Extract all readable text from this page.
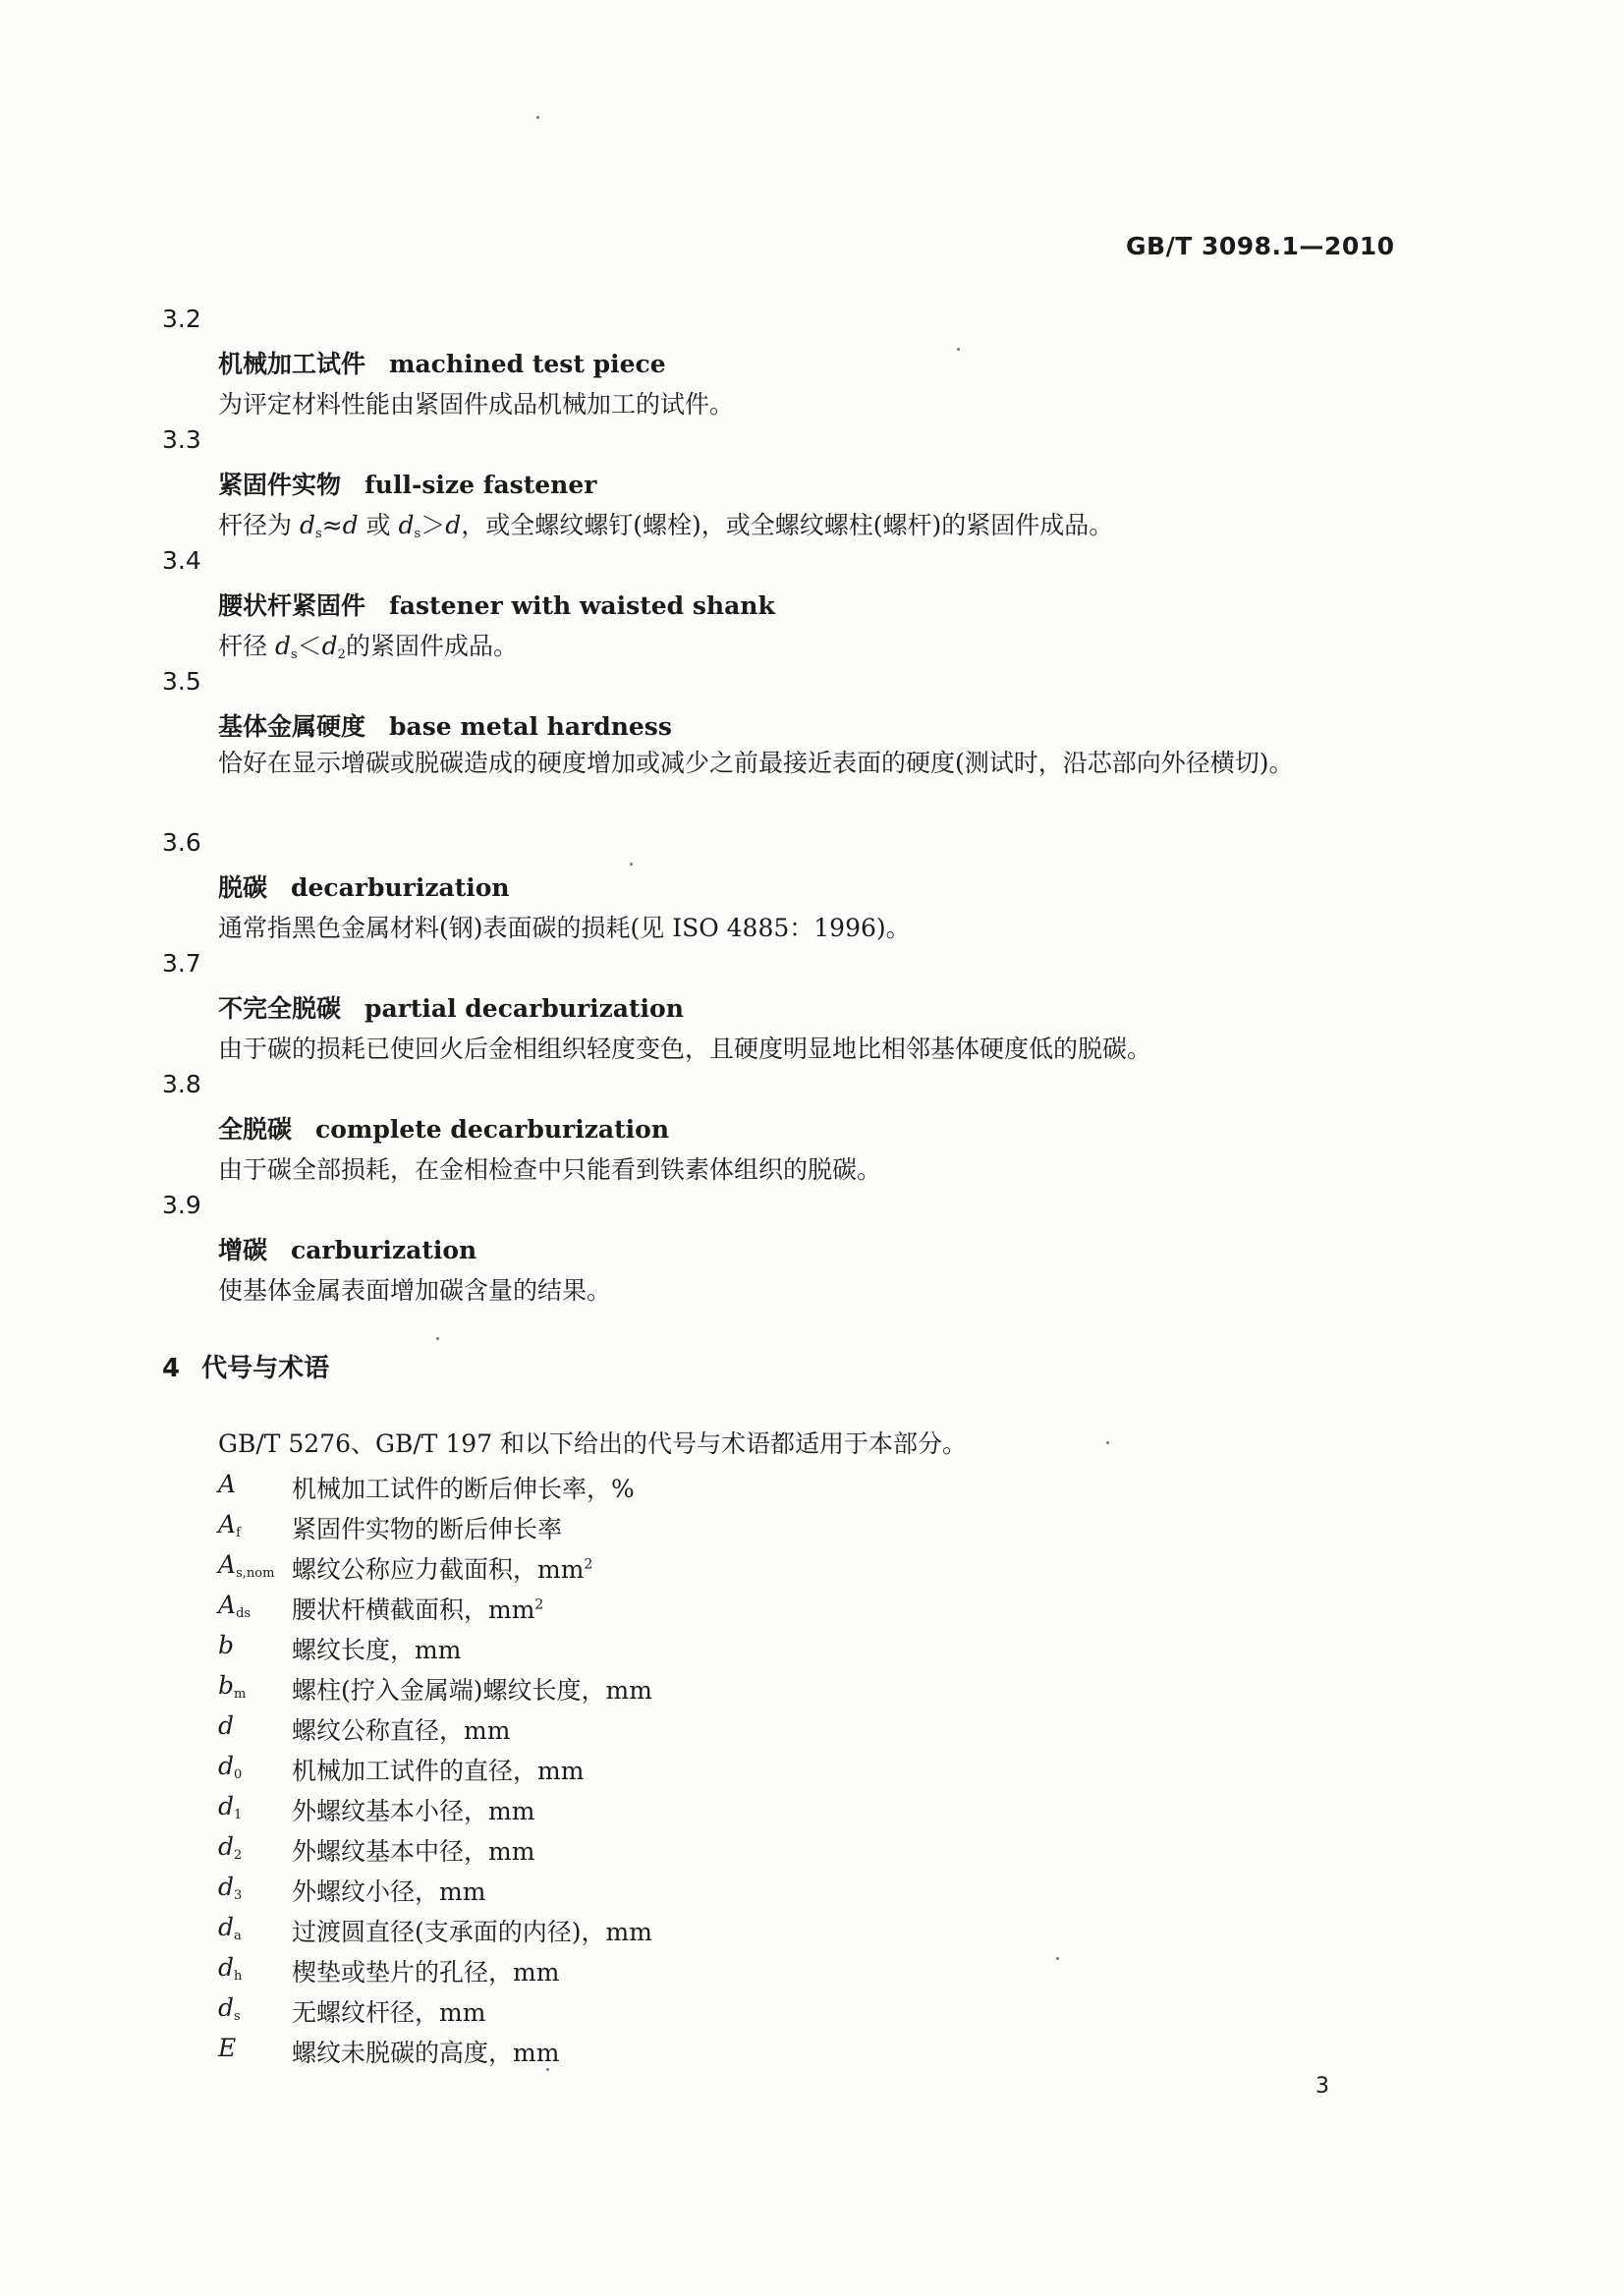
GB/T 3098.1—2010
3.2
机械加工试件 machined test piece
为评定材料性能由紧固件成品机械加工的试件。
3.3
紧固件实物 full-size fastener
杆径为 ds≈d 或 ds＞d，或全螺纹螺钉(螺栓)，或全螺纹螺柱(螺杆)的紧固件成品。
3.4
腰状杆紧固件 fastener with waisted shank
杆径 ds＜d2的紧固件成品。
3.5
基体金属硬度 base metal hardness
恰好在显示增碳或脱碳造成的硬度增加或减少之前最接近表面的硬度(测试时，沿芯部向外径横切)。
3.6
脱碳 decarburization
通常指黑色金属材料(钢)表面碳的损耗(见 ISO 4885：1996)。
3.7
不完全脱碳 partial decarburization
由于碳的损耗已使回火后金相组织轻度变色，且硬度明显地比相邻基体硬度低的脱碳。
3.8
全脱碳 complete decarburization
由于碳全部损耗，在金相检查中只能看到铁素体组织的脱碳。
3.9
增碳 carburization
使基体金属表面增加碳含量的结果。
4 代号与术语
GB/T 5276、GB/T 197 和以下给出的代号与术语都适用于本部分。
A 机械加工试件的断后伸长率，%
$A_f$ 紧固件实物的断后伸长率
$A_{s,nom}$ 螺纹公称应力截面积，$mm^2$
$A_{ds}$ 腰状杆横截面积，$mm^2$
b 螺纹长度，mm
$b_m$ 螺柱(拧入金属端)螺纹长度，mm
d 螺纹公称直径，mm
$d_0$ 机械加工试件的直径，mm
$d_1$ 外螺纹基本小径，mm
$d_2$ 外螺纹基本中径，mm
$d_3$ 外螺纹小径，mm
$d_a$ 过渡圆直径(支承面的内径)，mm
$d_h$ 楔垫或垫片的孔径，mm
$d_s$ 无螺纹杆径，mm
E 螺纹未脱碳的高度，mm
3
